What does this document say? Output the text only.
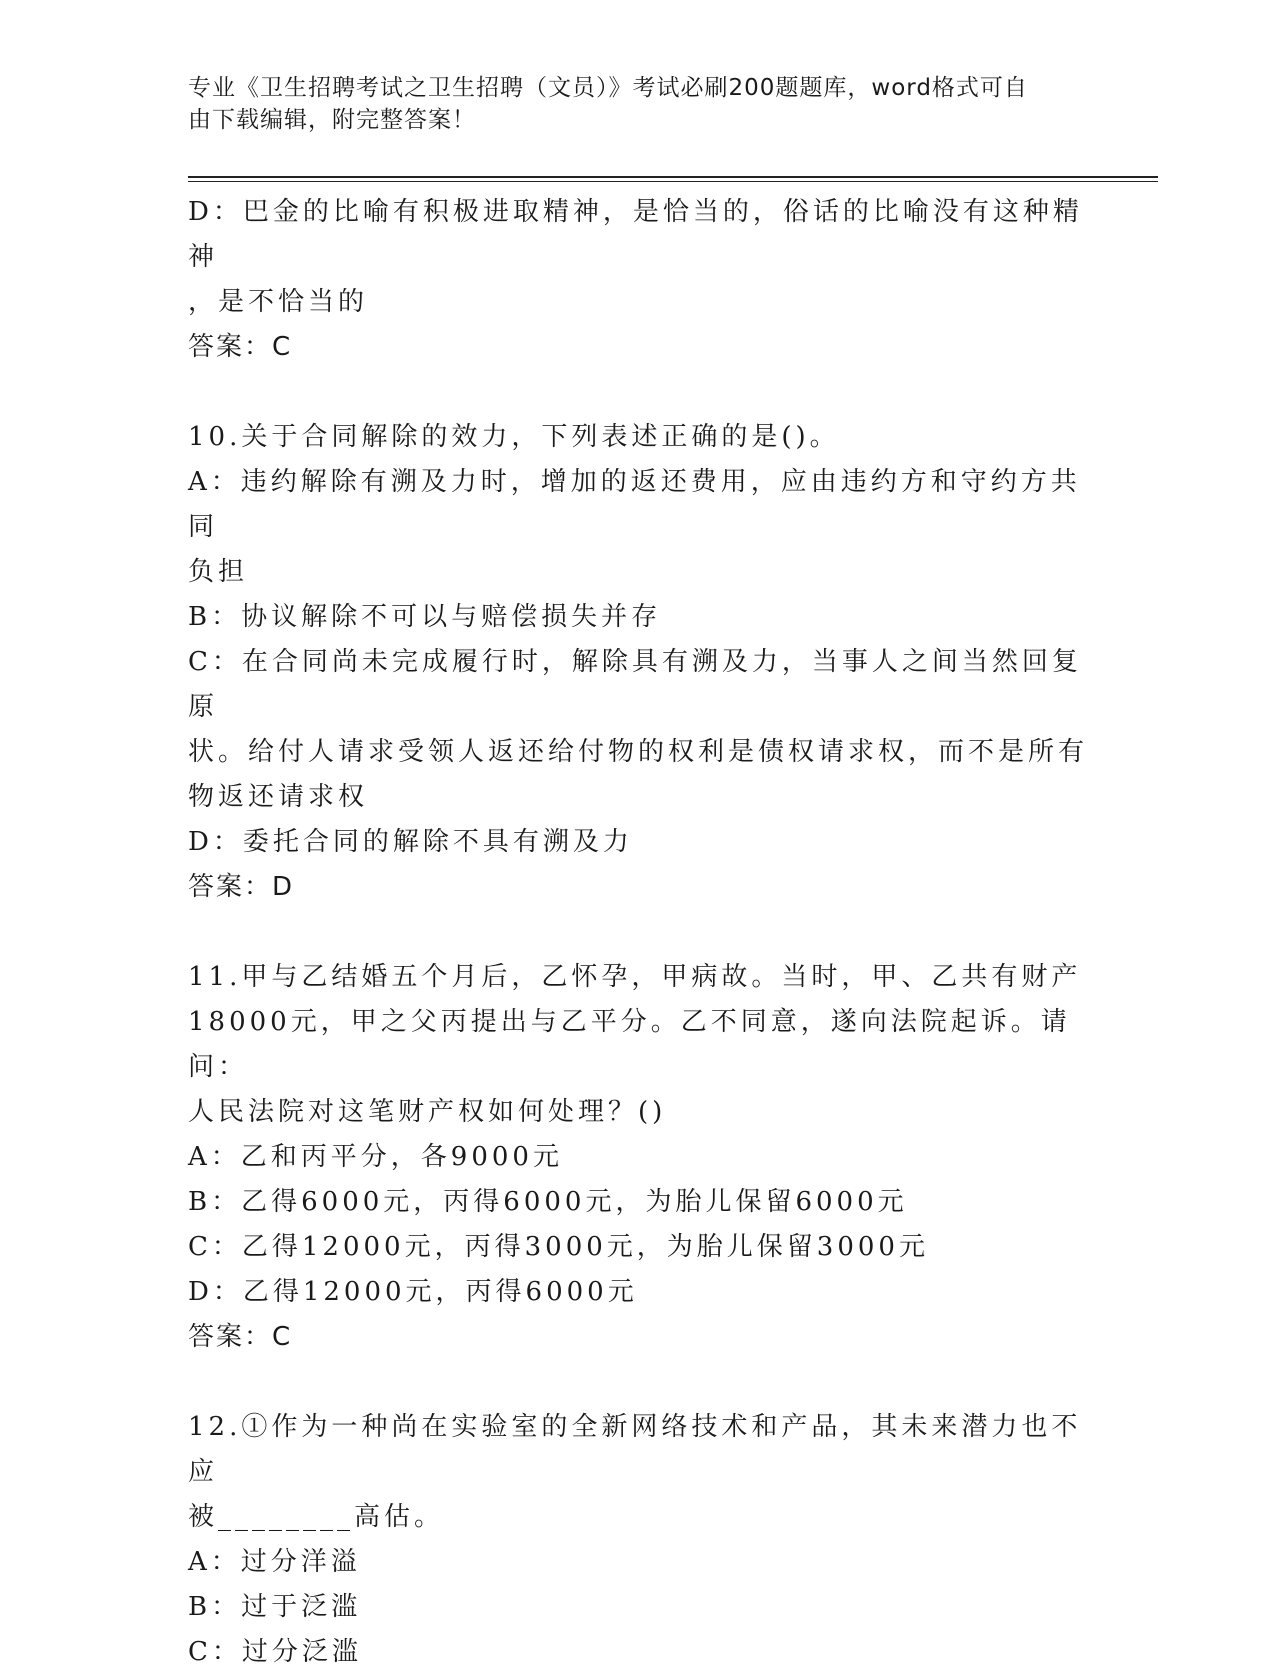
专业《卫生招聘考试之卫生招聘（文员）》考试必刷200题题库，word格式可自

由下载编辑，附完整答案！

D：巴金的比喻有积极进取精神，是恰当的，俗话的比喻没有这种精神

，是不恰当的

答案：C

10.关于合同解除的效力，下列表述正确的是()。

A：违约解除有溯及力时，增加的返还费用，应由违约方和守约方共同

负担

B：协议解除不可以与赔偿损失并存

C：在合同尚未完成履行时，解除具有溯及力，当事人之间当然回复原

状。给付人请求受领人返还给付物的权利是债权请求权，而不是所有

物返还请求权

D：委托合同的解除不具有溯及力

答案：D

11.甲与乙结婚五个月后，乙怀孕，甲病故。当时，甲、乙共有财产

18000元，甲之父丙提出与乙平分。乙不同意，遂向法院起诉。请问：

人民法院对这笔财产权如何处理？()

A：乙和丙平分，各9000元

B：乙得6000元，丙得6000元，为胎儿保留6000元

C：乙得12000元，丙得3000元，为胎儿保留3000元

D：乙得12000元，丙得6000元

答案：C

12.①作为一种尚在实验室的全新网络技术和产品，其未来潜力也不应

被________高估。

A：过分洋溢

B：过于泛滥

C：过分泛滥
